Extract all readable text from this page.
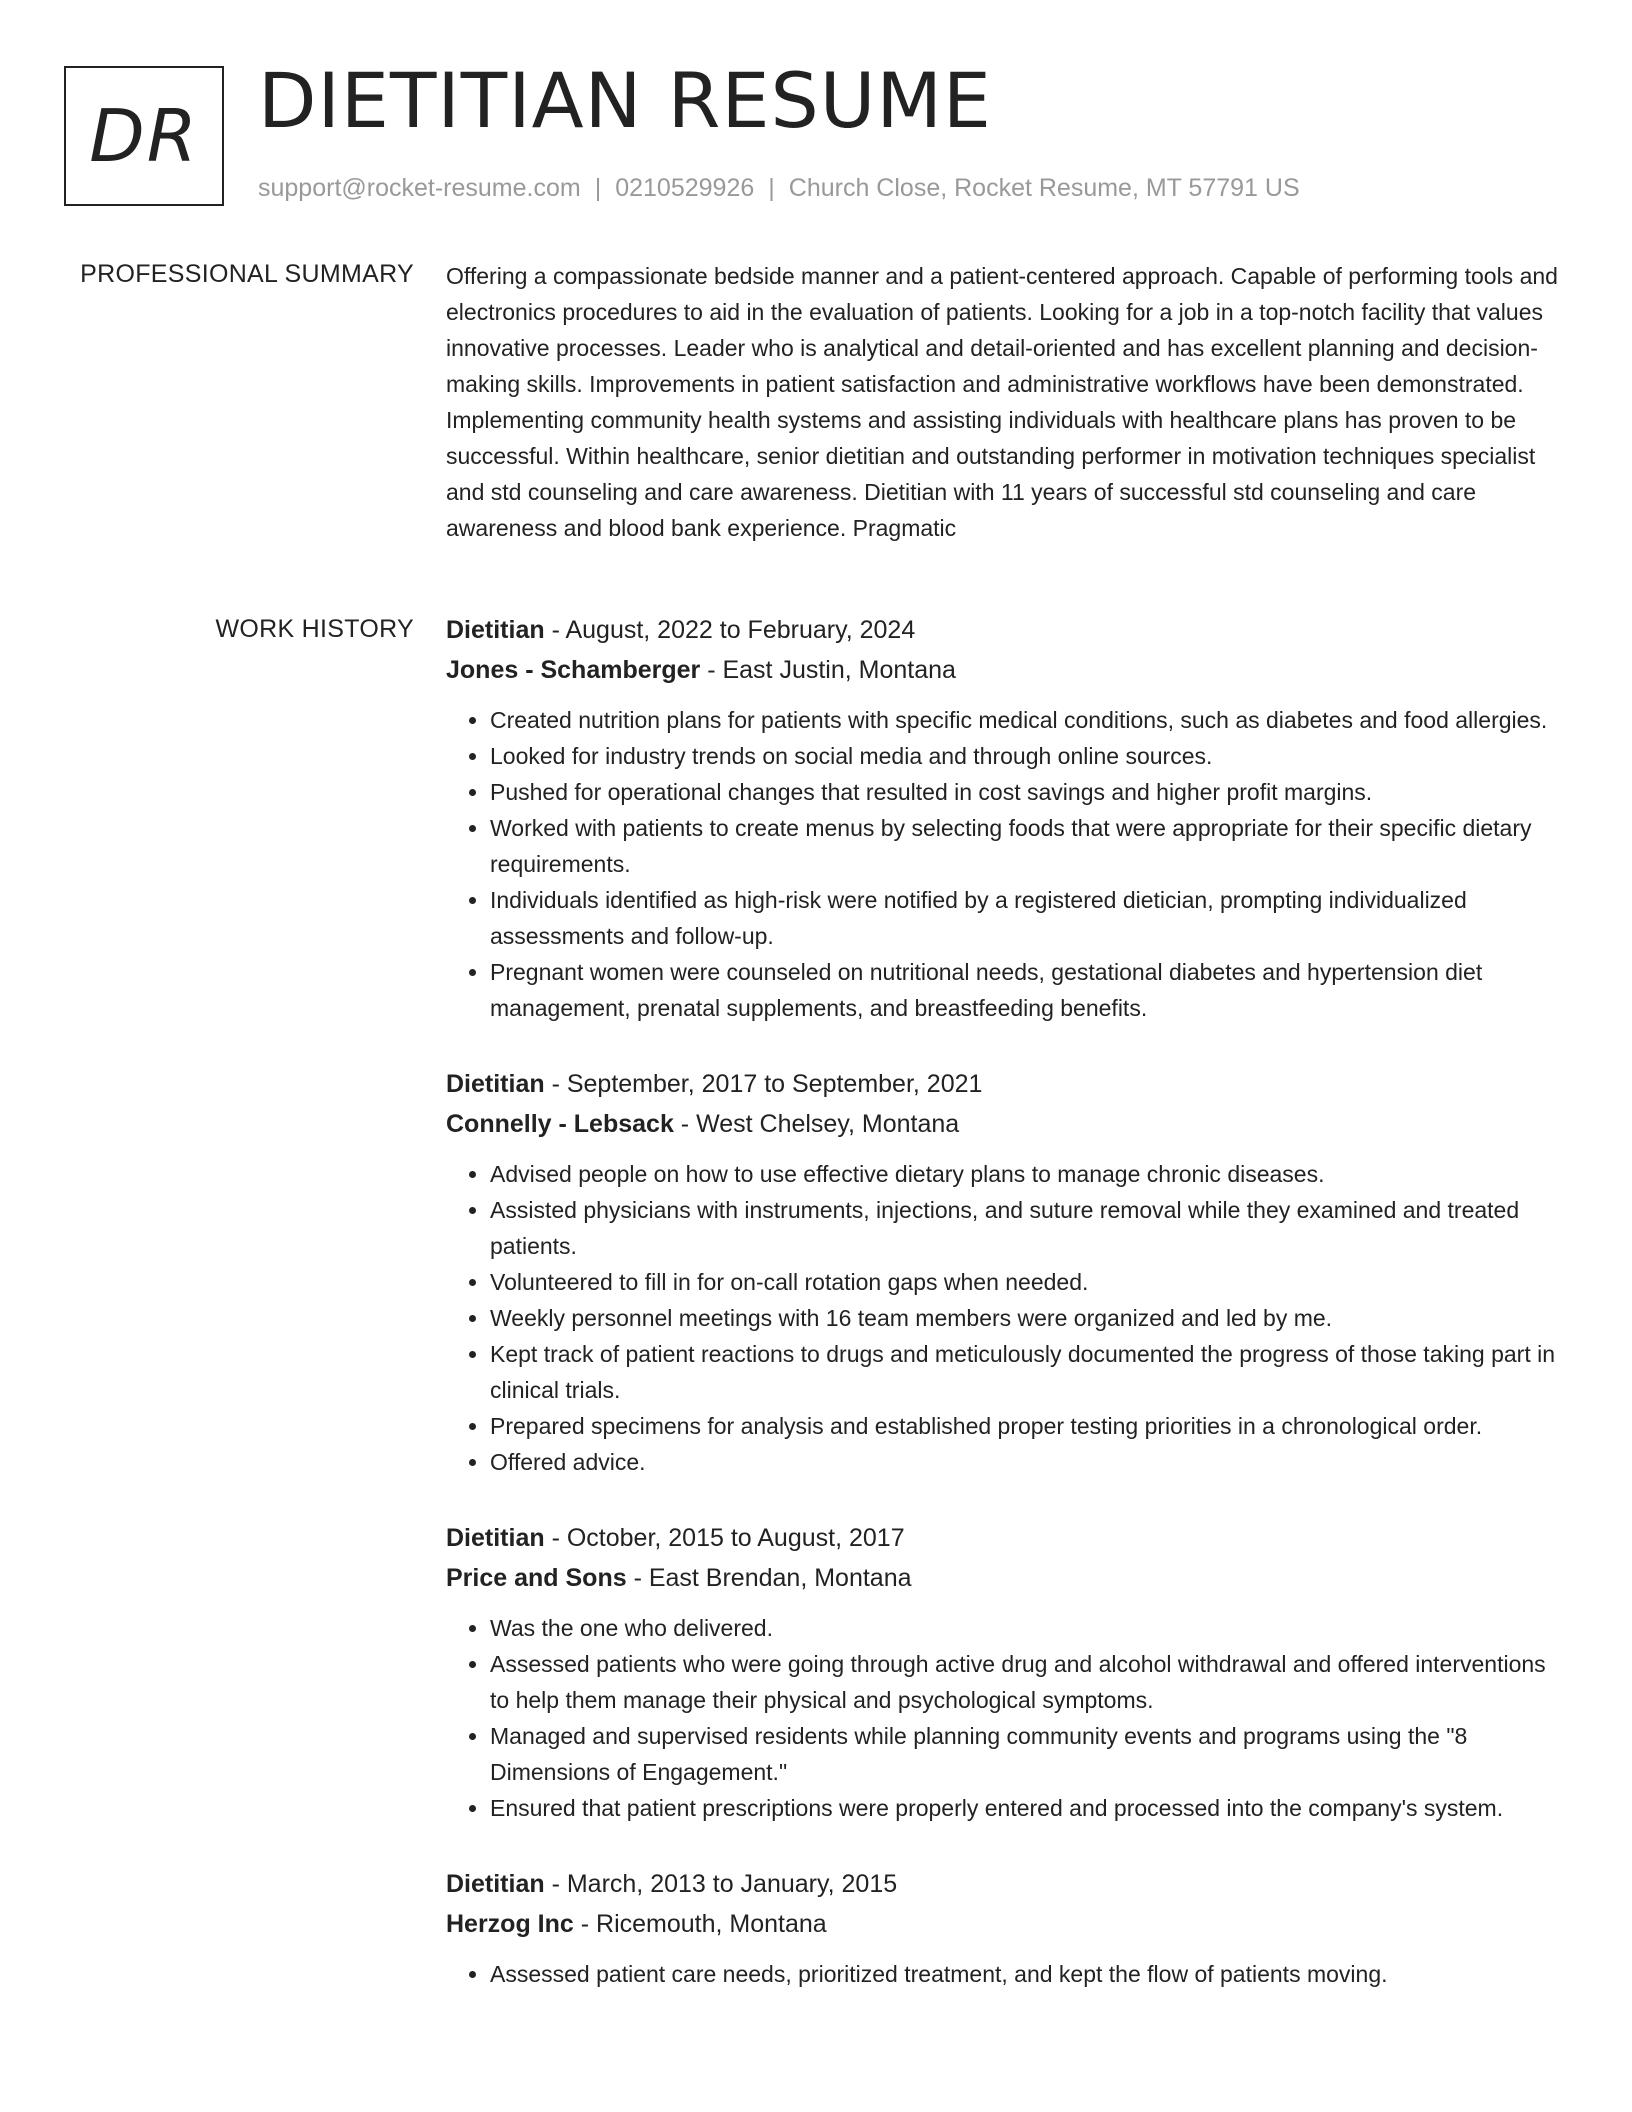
DR DIETITIAN RESUME
support@rocket-resume.com | 0210529926 | Church Close, Rocket Resume, MT 57791 US
PROFESSIONAL SUMMARY Offering a compassionate bedside manner and a patient-centered approach. Capable of performing tools and electronics procedures to aid in the evaluation of patients. Looking for a job in a top-notch facility that values innovative processes. Leader who is analytical and detail-oriented and has excellent planning and decision-making skills. Improvements in patient satisfaction and administrative workflows have been demonstrated. Implementing community health systems and assisting individuals with healthcare plans has proven to be successful. Within healthcare, senior dietitian and outstanding performer in motivation techniques specialist and std counseling and care awareness. Dietitian with 11 years of successful std counseling and care awareness and blood bank experience. Pragmatic
WORK HISTORY Dietitian - August, 2022 to February, 2024
Jones - Schamberger - East Justin, Montana
• Created nutrition plans for patients with specific medical conditions, such as diabetes and food allergies.
• Looked for industry trends on social media and through online sources.
• Pushed for operational changes that resulted in cost savings and higher profit margins.
• Worked with patients to create menus by selecting foods that were appropriate for their specific dietary requirements.
• Individuals identified as high-risk were notified by a registered dietician, prompting individualized assessments and follow-up.
• Pregnant women were counseled on nutritional needs, gestational diabetes and hypertension diet management, prenatal supplements, and breastfeeding benefits.
Dietitian - September, 2017 to September, 2021
Connelly - Lebsack - West Chelsey, Montana
• Advised people on how to use effective dietary plans to manage chronic diseases.
• Assisted physicians with instruments, injections, and suture removal while they examined and treated patients.
• Volunteered to fill in for on-call rotation gaps when needed.
• Weekly personnel meetings with 16 team members were organized and led by me.
• Kept track of patient reactions to drugs and meticulously documented the progress of those taking part in clinical trials.
• Prepared specimens for analysis and established proper testing priorities in a chronological order.
• Offered advice.
Dietitian - October, 2015 to August, 2017
Price and Sons - East Brendan, Montana
• Was the one who delivered.
• Assessed patients who were going through active drug and alcohol withdrawal and offered interventions to help them manage their physical and psychological symptoms.
• Managed and supervised residents while planning community events and programs using the "8 Dimensions of Engagement."
• Ensured that patient prescriptions were properly entered and processed into the company's system.
Dietitian - March, 2013 to January, 2015
Herzog Inc - Ricemouth, Montana
• Assessed patient care needs, prioritized treatment, and kept the flow of patients moving.
